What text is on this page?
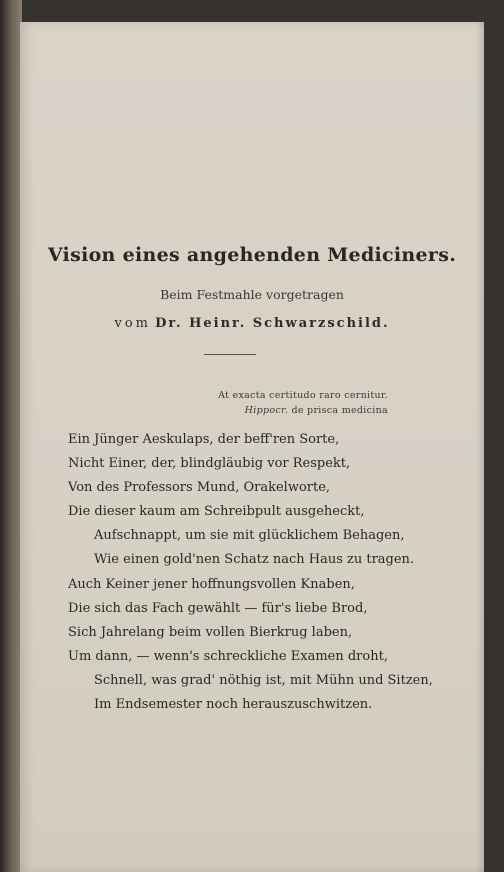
Vision eines angehenden Mediciners.
Beim Festmahle vorgetragen
vom Dr. Heinr. Schwarzschild.
At exacta certitudo raro cernitur.
Hippocr. de prisca medicina
Ein Jünger Aeskulaps, der beff'ren Sorte,
Nicht Einer, der, blindgläubig vor Respekt,
Von des Professors Mund, Orakelworte,
Die dieser kaum am Schreibpult ausgeheckt,
Aufschnappt, um sie mit glücklichem Behagen,
Wie einen gold'nen Schatz nach Haus zu tragen.
Auch Keiner jener hoffnungsvollen Knaben,
Die sich das Fach gewählt — für's liebe Brod,
Sich Jahrelang beim vollen Bierkrug laben,
Um dann, — wenn's schreckliche Examen droht,
Schnell, was grad' nöthig ist, mit Mühn und Sitzen,
Im Endsemester noch herauszuschwitzen.
